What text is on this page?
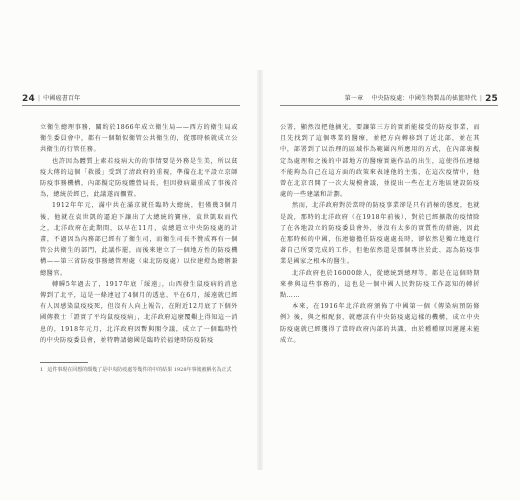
24 | 中國癌書百年

立衛生總理事務，關約於1866年成立衛生局——西方的衛生局或衛生委員會中，都有一個類似衛管公共衛生的，從那時候就成立公共衛生的行管任務。

也許因為體質上素若疫病大的的事情要是外務是生美，所以貧疫大傳的這個「救援」受到了清政府的重視，準備在北平設立京師防疫事務機構，內部擬定防疫體營局長，但因發病嚴重成了事後首為，總統於經已，此議遂而擱置。

1912年年元，滿中共在滿京就任臨時大總統，但僅幾3個月後，他就在袁世凱的逼迫下讓出了大總統的寶座，袁世凱取而代之，北洋政府在此期間，以早在11月，袁總遣立中央防疫處的計畫，不過因為內務部已經有了衛生司，而衛生司長不贊成再有一個管公共衛生的部門，此議作罷，而後來建立了一個地方性的防疫機構——第三省防疫事務總管理處（東北防疫處）以位建燈為總辦兼總醫官。

轉瞬5年過去了，1917年底「綏遠」，山西發生鼠疫病的消息傳到了北平，這是一條連冠了4個月的透息，平在6月，綏遠就已經有人因感染鼠疫疫死，但沒有人向上報告，在附近12月底了下個外國傳教士「證實了平均鼠疫疫病」，北洋政府這麼覆艱上得知這一消息的，1918年元月，北洋政府因暫與閣令議，成立了一個臨時性的中央防疫委員會，並特聘請德國是臨時於福建時防疫防疫

1 這件事現在回想的頗幾了是中央防疫處等幾件的中的結果 1928年事後被稱名為正式
第一章 中央防疫處：中國生物製品的搖籃時代 | 25

公署，顯然沒把他摘光，要讓第三方的實新能接受的防疫事業，而且先找到了這個專業的醫療，並把方向轉移到了近北部，並在其中，部署到了以治理的區域作為範圍內所應用的方式，在內部裏擬定為處理和之後的中部地方的醫療實施作品的出生，這使得伍連德不能夠為自己在這方面的政策來表達他的主張，在這次疫情中，他曾在北京召開了一次大規模會議，並提出一些在北方地區建設防疫處的一些建議和計劃。

然而，北洋政府對於當時的防疫事業卻是只有消極的態度，也就是說，那時的北洋政府（在1918年前後），對於已經擴散的疫情除了在各地設立的防疫委員會外，並沒有太多的實質性的措施，因此在那時候的中國，伍連德擔任防疫處處長時，卻依然是獨立地進行著自己所要完成的工作，但他依然還是那個專注於此、認為防疫事業是國家之根本的醫生。

北洋政府也於16000餘人，從總統到總理等，都是在這個時期來參與這些事務的，這也是一個中國人民對防疫工作認知的轉折點……

本來，在1916年北洋政府頒佈了中國第一個《傳染病預防條例》後，與之相配套，就應該有中央防疫處這樣的機構，成立中央防疫處就已經獲得了當時政府內部的共識，由於種種原因遲遲未能成立。
